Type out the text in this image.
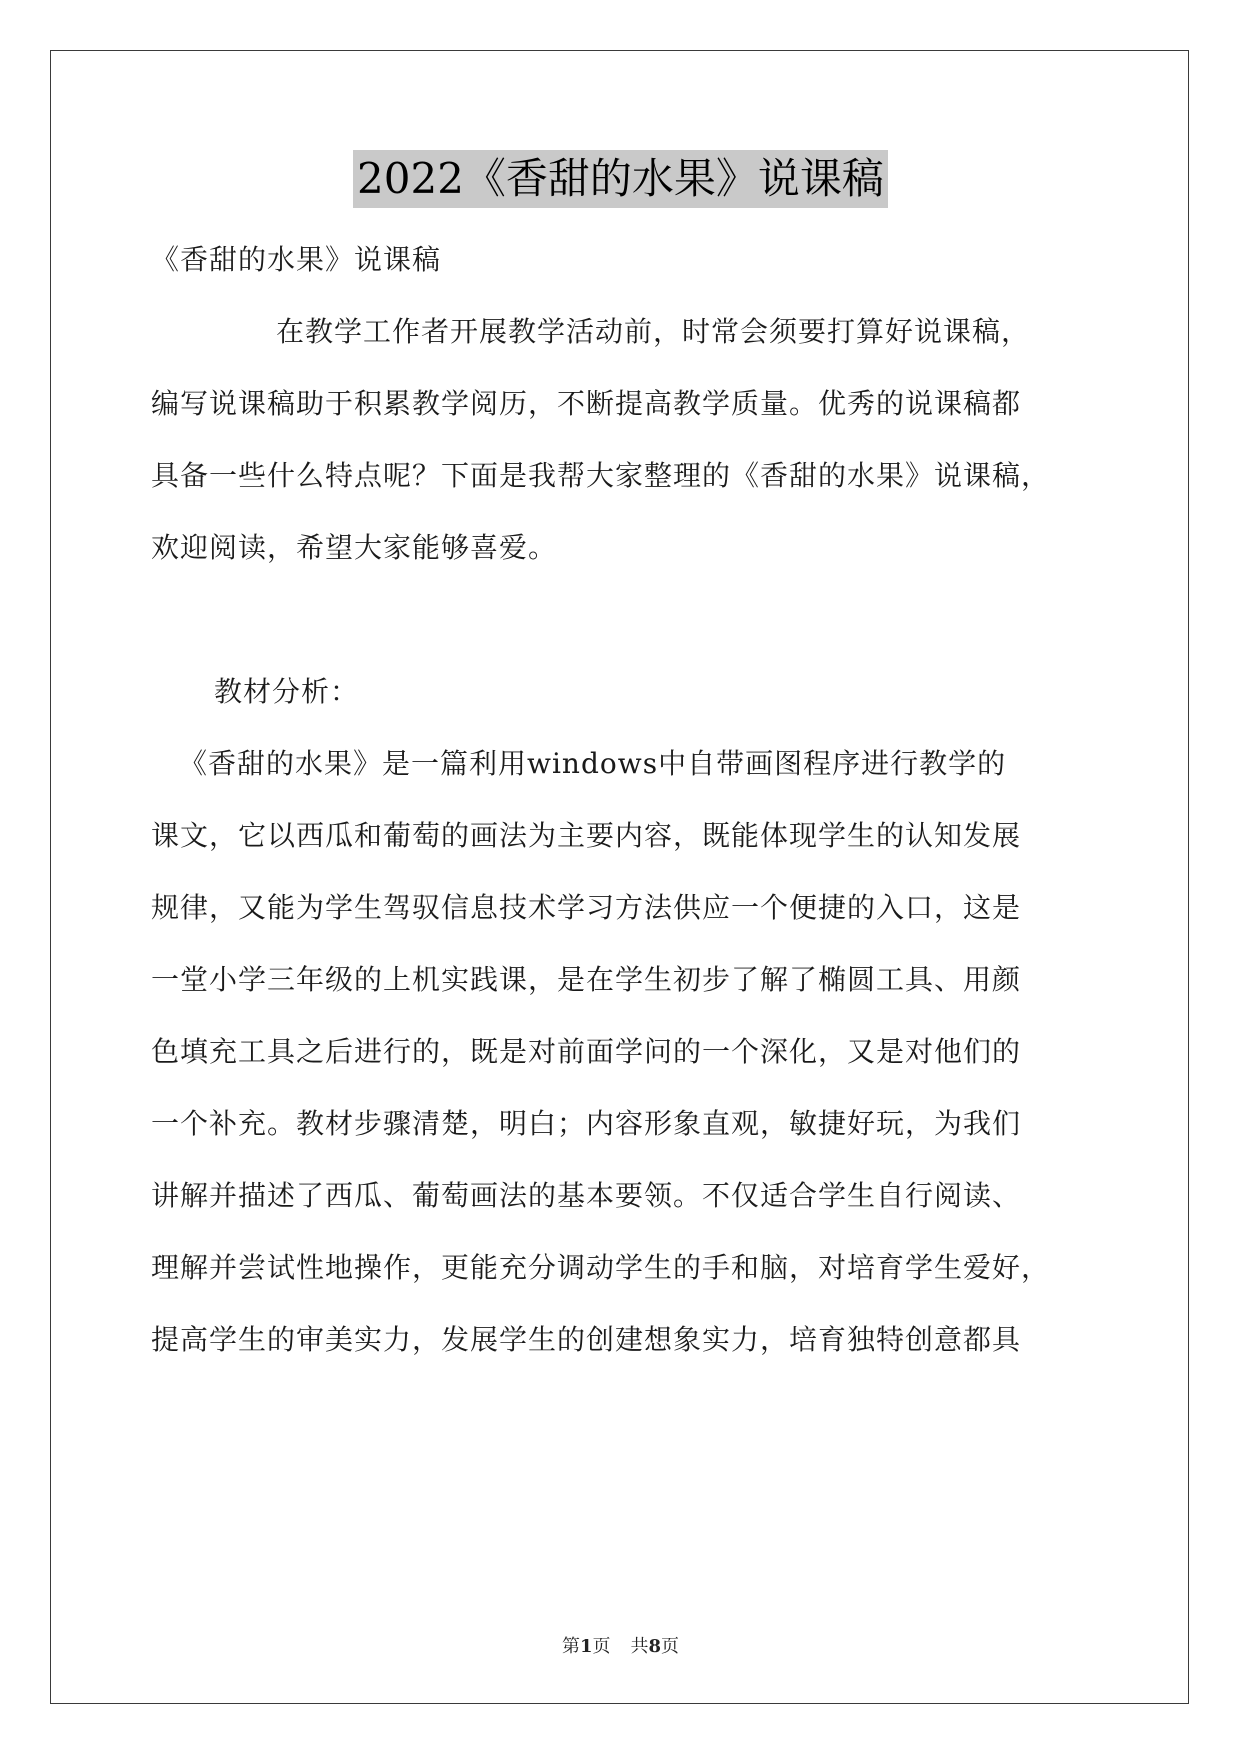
2022《香甜的水果》说课稿
《香甜的水果》说课稿
在教学工作者开展教学活动前，时常会须要打算好说课稿，
编写说课稿助于积累教学阅历，不断提高教学质量。优秀的说课稿都
具备一些什么特点呢？下面是我帮大家整理的《香甜的水果》说课稿，
欢迎阅读，希望大家能够喜爱。
教材分析：
《香甜的水果》是一篇利用windows中自带画图程序进行教学的
课文，它以西瓜和葡萄的画法为主要内容，既能体现学生的认知发展
规律，又能为学生驾驭信息技术学习方法供应一个便捷的入口，这是
一堂小学三年级的上机实践课，是在学生初步了解了椭圆工具、用颜
色填充工具之后进行的，既是对前面学问的一个深化，又是对他们的
一个补充。教材步骤清楚，明白；内容形象直观，敏捷好玩，为我们
讲解并描述了西瓜、葡萄画法的基本要领。不仅适合学生自行阅读、
理解并尝试性地操作，更能充分调动学生的手和脑，对培育学生爱好，
提高学生的审美实力，发展学生的创建想象实力，培育独特创意都具
第1页 共8页
